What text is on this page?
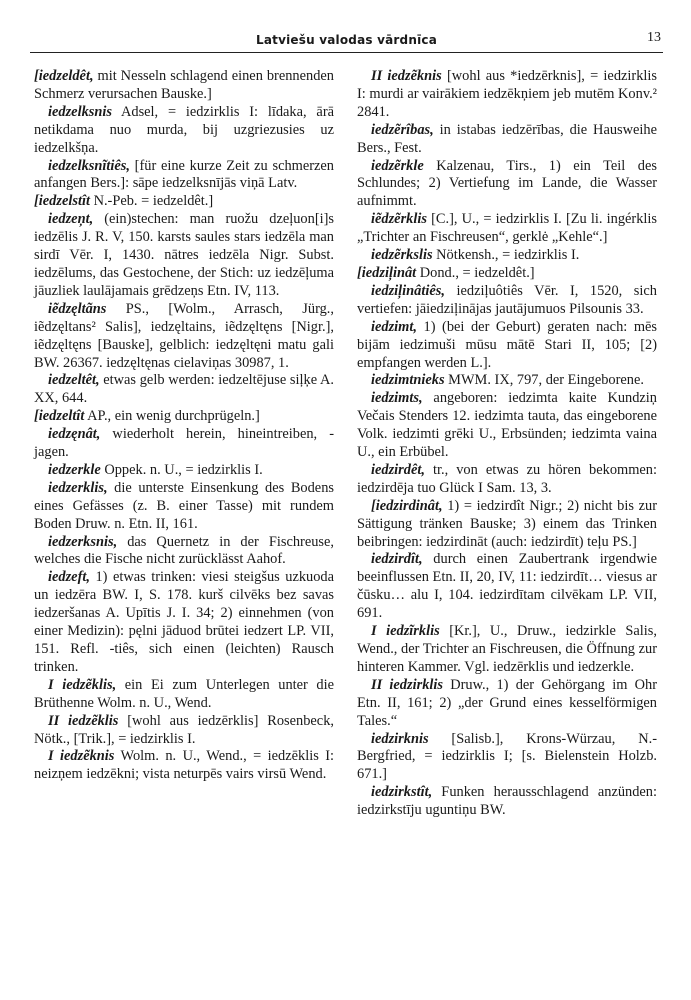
Latviešu valodas vārdnīca	13

[iedzeldêt, mit Nesseln schlagend einen brennenden Schmerz verursachen Bauske.]

iedzelksnis Adsel, = iedzirklis I: līdaka, ārā netikdama nuo murda, bij uzgriezusies uz iedzelkšņa.

iedzelksnĩtiês, [für eine kurze Zeit zu schmerzen anfangen Bers.]: sāpe iedzelksnījās viņā Latv.

[iedzelstît N.-Peb. = iedzeldêt.]

iedzeņt, (ein)stechen: man ruožu dzeļuon[i]s iedzēlis J. R. V, 150. karsts saules stars iedzēla man sirdī Vēr. I, 1430. nātres iedzēla Nigr. Subst. iedzēlums, das Gestochene, der Stich: uz iedzēļuma jāuzliek laulājamais grēdzeņs Etn. IV, 113.

iẽdzęltãns PS., [Wolm., Arrasch, Jürg., iẽdzęltans² Salis], iedzęltains, iẽdzęltęns [Nigr.], iẽdzęltęns [Bauske], gelblich: iedzęltęni matu gali BW. 26367. iedzęltęnas cielaviņas 30987, 1.

iedzeltêt, etwas gelb werden: iedzeltējuse siļķe A. XX, 644.

[iedzeltît AP., ein wenig durchprügeln.]

iedzęnât, wiederholt herein, hineintreiben, -jagen.

iedzerkle Oppek. n. U., = iedzirklis I.

iedzerklis, die unterste Einsenkung des Bodens eines Gefässes (z. B. einer Tasse) mit rundem Boden Druw. n. Etn. II, 161.

iedzerksnis, das Quernetz in der Fischreuse, welches die Fische nicht zurücklässt Aahof.

iedzeft, 1) etwas trinken: viesi steigšus uzkuoda un iedzēra BW. I, S. 178. kurš cilvēks bez savas iedzeršanas A. Upītis J. I. 34; 2) einnehmen (von einer Medizin): pęlni jāduod brūtei iedzert LP. VII, 151. Refl. -tiês, sich einen (leichten) Rausch trinken.

I iedzẽklis, ein Ei zum Unterlegen unter die Brüthenne Wolm. n. U., Wend.

II iedzẽklis [wohl aus iedzērklis] Rosenbeck, Nötk., [Trik.], = iedzirklis I.

I iedzẽknis Wolm. n. U., Wend., = iedzēklis I: neizņem iedzēkni; vista neturpēs vairs virsū Wend.

II iedzẽknis [wohl aus *iedzērknis], = iedzirklis I: murdi ar vairākiem iedzēkņiem jeb mutēm Konv.² 2841.

iedzẽrîbas, in istabas iedzērības, die Hausweihe Bers., Fest.

iedzẽrkle Kalzenau, Tirs., 1) ein Teil des Schlundes; 2) Vertiefung im Lande, die Wasser aufnimmt.

iẽdzẽrklis [C.], U., = iedzirklis I. [Zu li. ingérklis „Trichter an Fischreusen“, gerklė „Kehle“.]

iedzẽrkslis Nötkensh., = iedzirklis I.

[iedziļinât Dond., = iedzeldêt.]

iedziļinâtiês, iedziļuôtiês Vēr. I, 1520, sich vertiefen: jāiedziļinājas jautājumuos Pilsounis 33.

iedzimt, 1) (bei der Geburt) geraten nach: mēs bijām iedzimuši mūsu mātē Stari II, 105; [2) empfangen werden L.].

iedzimtnieks MWM. IX, 797, der Eingeborene.

iedzimts, angeboren: iedzimta kaite Kundziņ Večais Stenders 12. iedzimta tauta, das eingeborene Volk. iedzimti grēki U., Erbsünden; iedzimta vaina U., ein Erbübel.

iedzirdêt, tr., von etwas zu hören bekommen: iedzirdēja tuo Glück I Sam. 13, 3.

[iedzirdinât, 1) = iedzirdît Nigr.; 2) nicht bis zur Sättigung tränken Bauske; 3) einem das Trinken beibringen: iedzirdināt (auch: iedzirdīt) teļu PS.]

iedzirdît, durch einen Zaubertrank irgendwie beeinflussen Etn. II, 20, IV, 11: iedzirdīt… viesus ar čūsku… alu I, 104. iedzirdītam cilvēkam LP. VII, 691.

I iedzĩrklis [Kr.], U., Druw., iedzirkle Salis, Wend., der Trichter an Fischreusen, die Öffnung zur hinteren Kammer. Vgl. iedzērklis und iedzerkle.

II iedzirklis Druw., 1) der Gehörgang im Ohr Etn. II, 161; 2) „der Grund eines kesselförmigen Tales.“

iedzirknis [Salisb.], Krons-Würzau, N.-Bergfried, = iedzirklis I; [s. Bielenstein Holzb. 671.]

iedzirkstît, Funken herausschlagend anzünden: iedzirkstīju uguntiņu BW.
